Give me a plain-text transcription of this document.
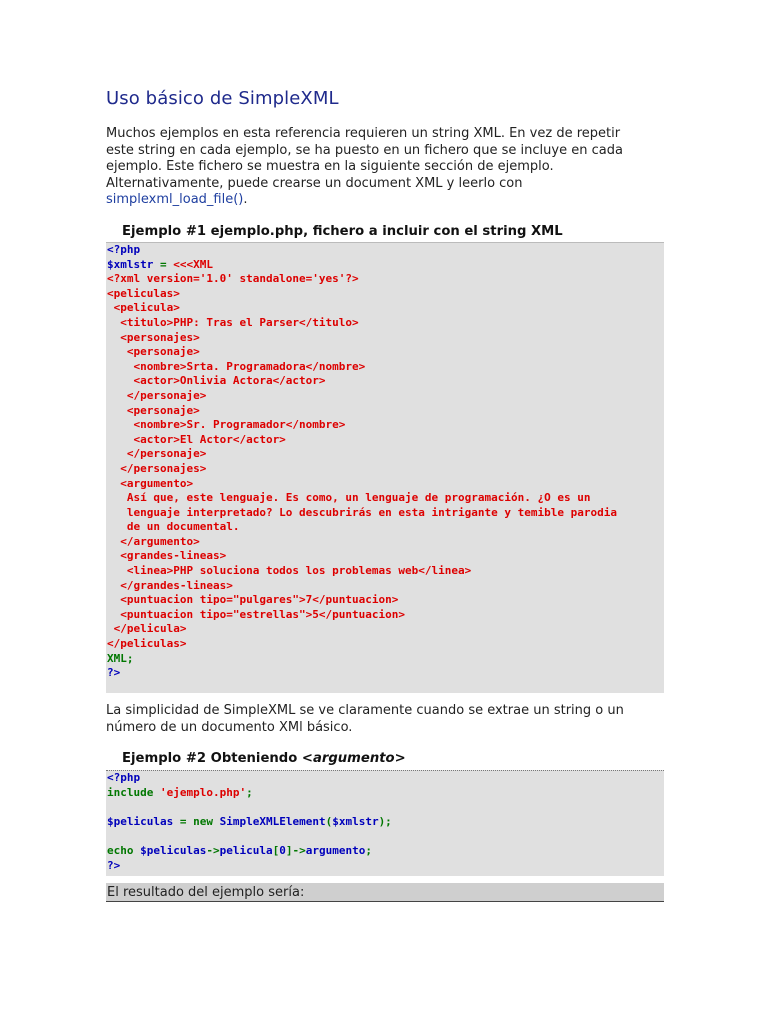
Uso básico de SimpleXML
Muchos ejemplos en esta referencia requieren un string XML. En vez de repetir este string en cada ejemplo, se ha puesto en un fichero que se incluye en cada ejemplo. Este fichero se muestra en la siguiente sección de ejemplo. Alternativamente, puede crearse un document XML y leerlo con simplexml_load_file().
Ejemplo #1 ejemplo.php, fichero a incluir con el string XML
<?php
$xmlstr = <<<XML
<?xml version='1.0' standalone='yes'?>
<peliculas>
<pelicula>
<titulo>PHP: Tras el Parser</titulo>
<personajes>
<personaje>
<nombre>Srta. Programadora</nombre>
<actor>Onlivia Actora</actor>
</personaje>
<personaje>
<nombre>Sr. Programador</nombre>
<actor>El Actor</actor>
</personaje>
</personajes>
<argumento>
Así que, este lenguaje. Es como, un lenguaje de programación. ¿O es un
lenguaje interpretado? Lo descubrirás en esta intrigante y temible parodia
de un documental.
</argumento>
<grandes-lineas>
<linea>PHP soluciona todos los problemas web</linea>
</grandes-lineas>
<puntuacion tipo="pulgares">7</puntuacion>
<puntuacion tipo="estrellas">5</puntuacion>
</pelicula>
</peliculas>
XML;
?>
La simplicidad de SimpleXML se ve claramente cuando se extrae un string o un número de un documento XMl básico.
Ejemplo #2 Obteniendo <argumento>
<?php
include 'ejemplo.php';
$peliculas = new SimpleXMLElement($xmlstr);
echo $peliculas->pelicula[0]->argumento;
?>
El resultado del ejemplo sería:
